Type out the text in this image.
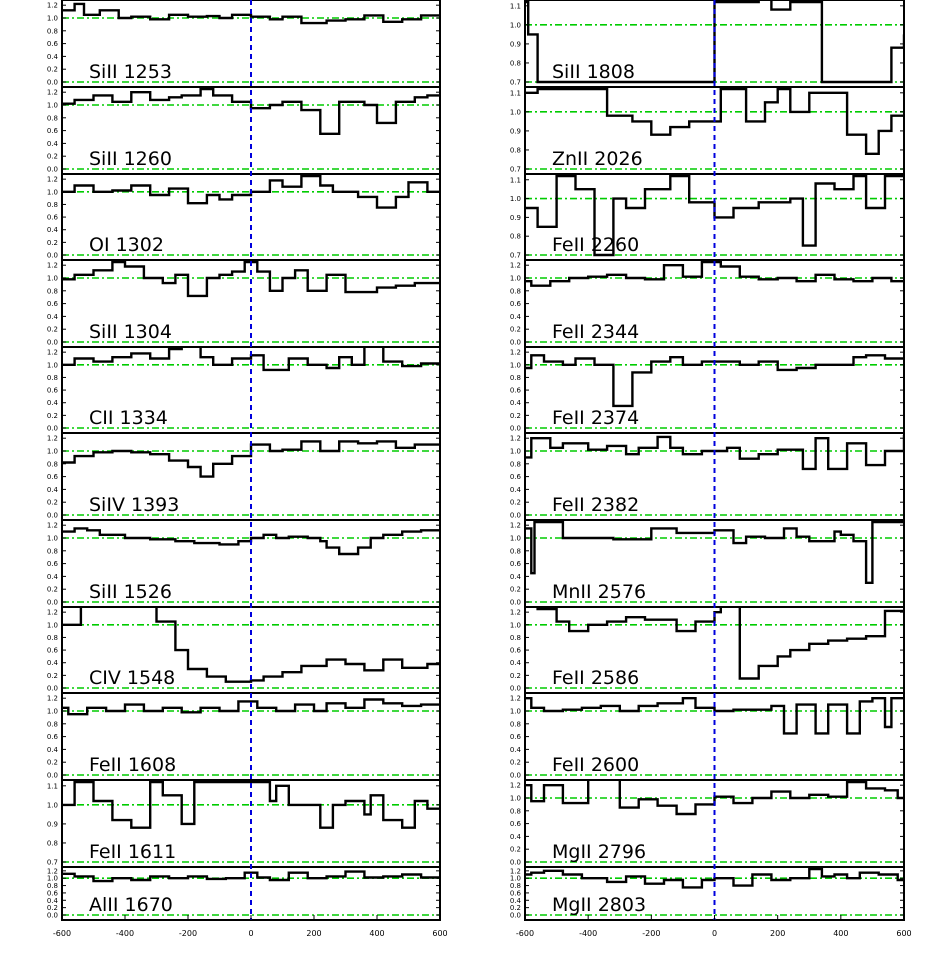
0.0
0.2
0.4
0.6
0.8
1.0
1.2
SiII 1253
0.0
0.2
0.4
0.6
0.8
1.0
1.2
SiII 1260
0.0
0.2
0.4
0.6
0.8
1.0
1.2
OI 1302
0.0
0.2
0.4
0.6
0.8
1.0
1.2
SiII 1304
0.0
0.2
0.4
0.6
0.8
1.0
1.2
CII 1334
0.0
0.2
0.4
0.6
0.8
1.0
1.2
SiIV 1393
0.0
0.2
0.4
0.6
0.8
1.0
1.2
SiII 1526
0.0
0.2
0.4
0.6
0.8
1.0
1.2
CIV 1548
0.0
0.2
0.4
0.6
0.8
1.0
1.2
FeII 1608
0.7
0.8
0.9
1.0
1.1
FeII 1611
0.0
0.2
0.4
0.6
0.8
1.0
1.2
AlII 1670
-600	-400	-200	0	200	400	600
0.7
0.8
0.9
1.0
1.1
SiII 1808
0.7
0.8
0.9
1.0
1.1
ZnII 2026
0.7
0.8
0.9
1.0
1.1
FeII 2260
0.0
0.2
0.4
0.6
0.8
1.0
1.2
FeII 2344
0.0
0.2
0.4
0.6
0.8
1.0
1.2
FeII 2374
0.0
0.2
0.4
0.6
0.8
1.0
1.2
FeII 2382
0.0
0.2
0.4
0.6
0.8
1.0
1.2
MnII 2576
0.0
0.2
0.4
0.6
0.8
1.0
1.2
FeII 2586
0.0
0.2
0.4
0.6
0.8
1.0
1.2
FeII 2600
0.0
0.2
0.4
0.6
0.8
1.0
1.2
MgII 2796
0.0
0.2
0.4
0.6
0.8
1.0
1.2
MgII 2803
-600	-400	-200	0	200	400	600
